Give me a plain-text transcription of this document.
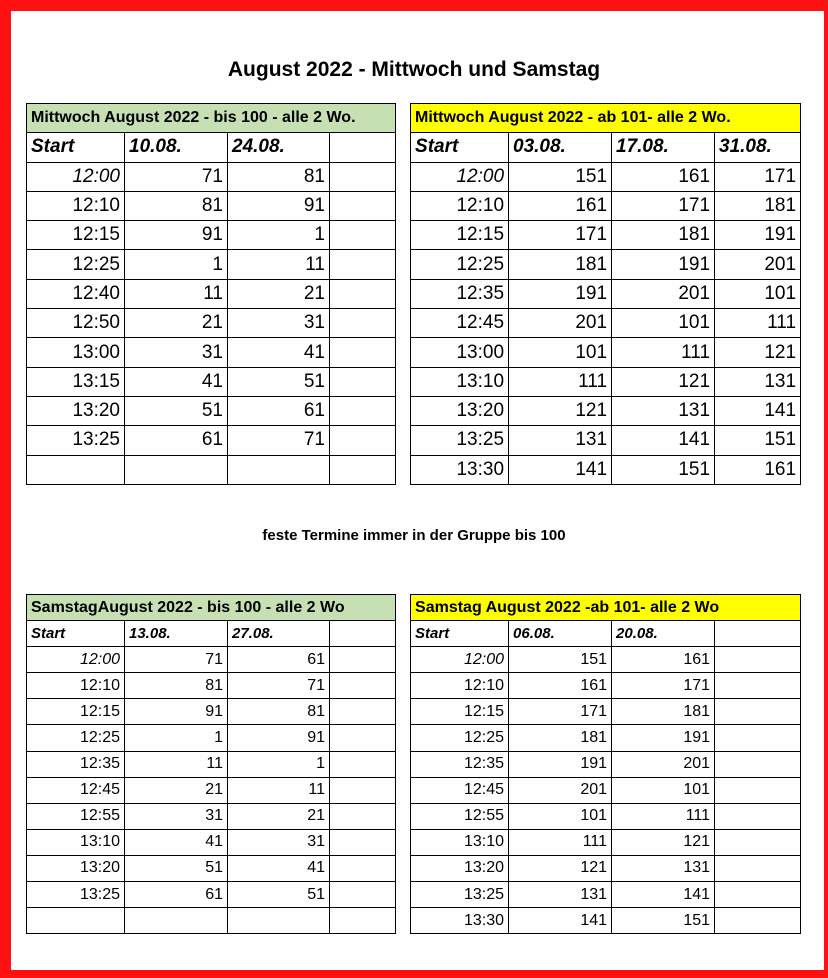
August 2022 - Mittwoch und Samstag
Mittwoch August 2022 - bis 100 - alle 2 Wo.					Mittwoch August 2022 - ab 101- alle 2 Wo.			
Start	10.08.	24.08.			Start	03.08.	17.08.	31.08.
12:00	71	81			12:00	151	161	171
12:10	81	91			12:10	161	171	181
12:15	91	1			12:15	171	181	191
12:25	1	11			12:25	181	191	201
12:40	11	21			12:35	191	201	101
12:50	21	31			12:45	201	101	111
13:00	31	41			13:00	101	111	121
13:15	41	51			13:10	111	121	131
13:20	51	61			13:20	121	131	141
13:25	61	71			13:25	131	141	151
					13:30	141	151	161
feste Termine immer in der Gruppe bis 100
SamstagAugust 2022 - bis 100 - alle 2 Wo					Samstag August 2022 -ab 101- alle 2 Wo			
Start	13.08.	27.08.			Start	06.08.	20.08.	
12:00	71	61			12:00	151	161	
12:10	81	71			12:10	161	171	
12:15	91	81			12:15	171	181	
12:25	1	91			12:25	181	191	
12:35	11	1			12:35	191	201	
12:45	21	11			12:45	201	101	
12:55	31	21			12:55	101	111	
13:10	41	31			13:10	111	121	
13:20	51	41			13:20	121	131	
13:25	61	51			13:25	131	141	
					13:30	141	151	
